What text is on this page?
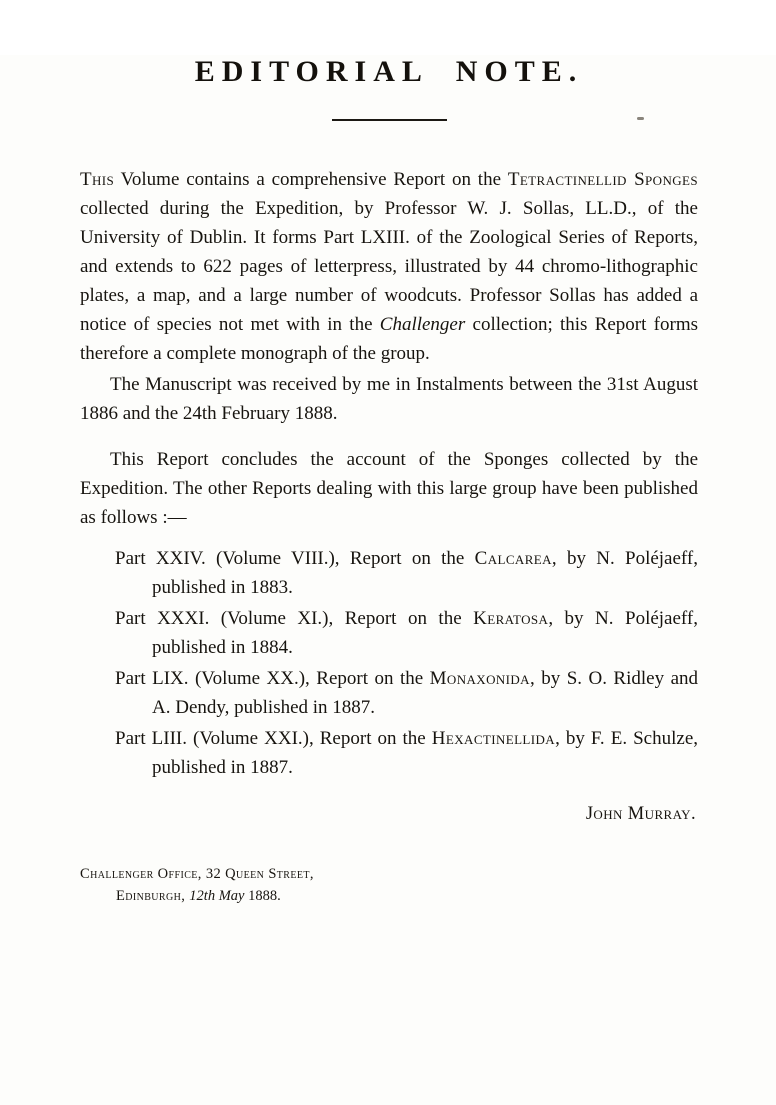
EDITORIAL NOTE.

This Volume contains a comprehensive Report on the Tetractinellid Sponges collected during the Expedition, by Professor W. J. Sollas, LL.D., of the University of Dublin. It forms Part LXIII. of the Zoological Series of Reports, and extends to 622 pages of letterpress, illustrated by 44 chromo-lithographic plates, a map, and a large number of woodcuts. Professor Sollas has added a notice of species not met with in the Challenger collection; this Report forms therefore a complete monograph of the group.

The Manuscript was received by me in Instalments between the 31st August 1886 and the 24th February 1888.

This Report concludes the account of the Sponges collected by the Expedition. The other Reports dealing with this large group have been published as follows :—

Part XXIV. (Volume VIII.), Report on the Calcarea, by N. Poléjaeff, published in 1883.

Part XXXI. (Volume XI.), Report on the Keratosa, by N. Poléjaeff, published in 1884.

Part LIX. (Volume XX.), Report on the Monaxonida, by S. O. Ridley and A. Dendy, published in 1887.

Part LIII. (Volume XXI.), Report on the Hexactinellida, by F. E. Schulze, published in 1887.

John Murray.

Challenger Office, 32 Queen Street,
Edinburgh, 12th May 1888.
